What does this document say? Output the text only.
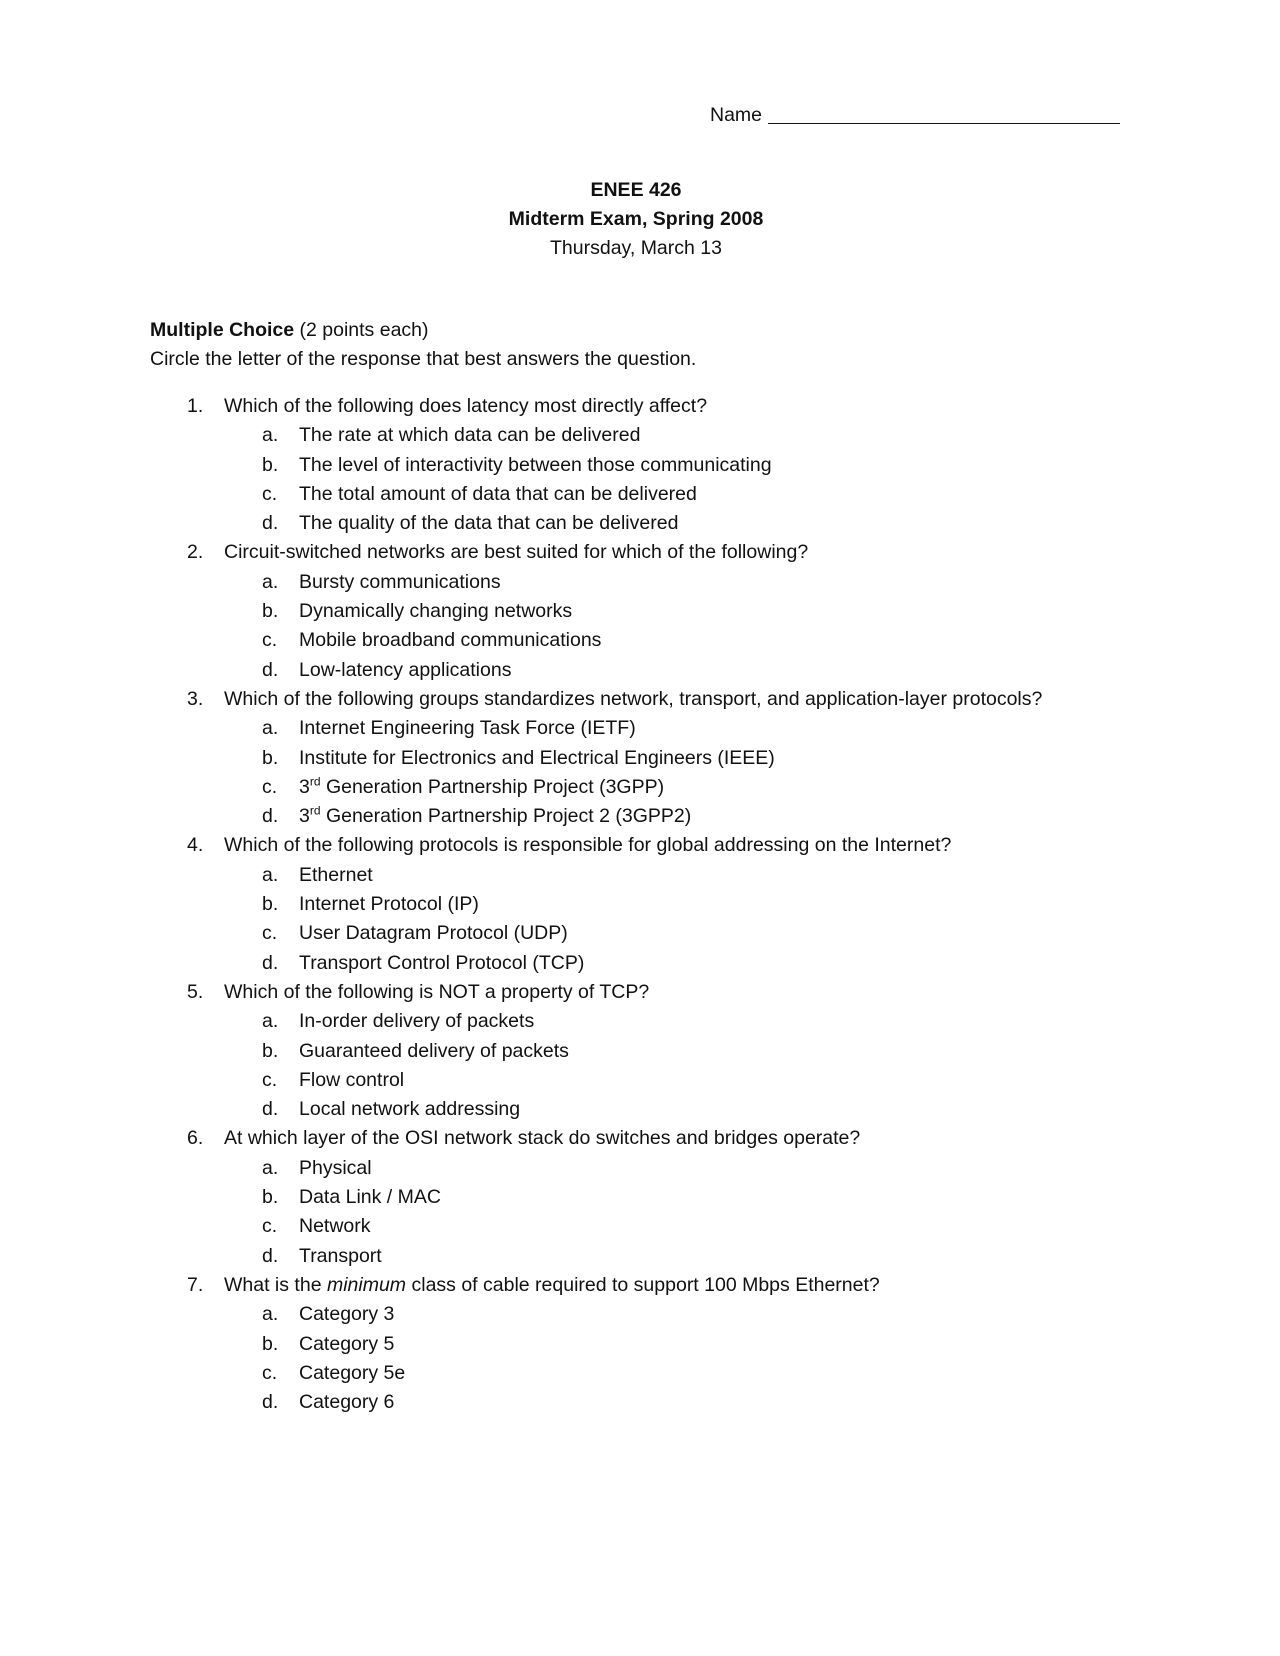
Name
ENEE 426
Midterm Exam, Spring 2008
Thursday, March 13
Multiple Choice (2 points each)
Circle the letter of the response that best answers the question.
1. Which of the following does latency most directly affect?
a. The rate at which data can be delivered
b. The level of interactivity between those communicating
c. The total amount of data that can be delivered
d. The quality of the data that can be delivered
2. Circuit-switched networks are best suited for which of the following?
a. Bursty communications
b. Dynamically changing networks
c. Mobile broadband communications
d. Low-latency applications
3. Which of the following groups standardizes network, transport, and application-layer protocols?
a. Internet Engineering Task Force (IETF)
b. Institute for Electronics and Electrical Engineers (IEEE)
c. 3rd Generation Partnership Project (3GPP)
d. 3rd Generation Partnership Project 2 (3GPP2)
4. Which of the following protocols is responsible for global addressing on the Internet?
a. Ethernet
b. Internet Protocol (IP)
c. User Datagram Protocol (UDP)
d. Transport Control Protocol (TCP)
5. Which of the following is NOT a property of TCP?
a. In-order delivery of packets
b. Guaranteed delivery of packets
c. Flow control
d. Local network addressing
6. At which layer of the OSI network stack do switches and bridges operate?
a. Physical
b. Data Link / MAC
c. Network
d. Transport
7. What is the minimum class of cable required to support 100 Mbps Ethernet?
a. Category 3
b. Category 5
c. Category 5e
d. Category 6
